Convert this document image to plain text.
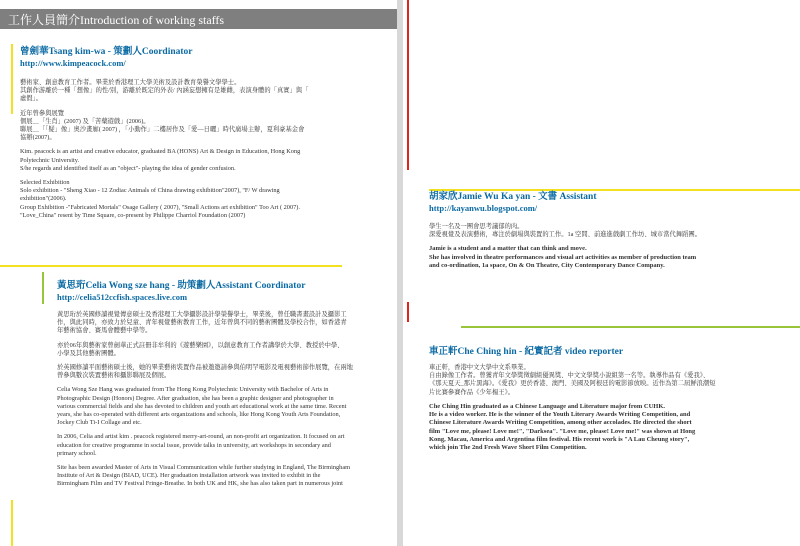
工作人員簡介Introduction of working staffs
曾劍華Tsang kim-wa - 策劃人Coordinator
http://www.kimpeacock.com/
藝術家、創意教育工作者。畢業於香港理工大學美術及設計教育榮譽文學學士。
其創作游離於一種「想像」的性/別，游離於既定的外表/ 內涵妄想擁有是雄雌，表演身體的「真實」與「
虛假」。
近年曾參與展覽
個展＿「生肖」(2007) 及「苦藥遊戲」(2006)。
聯展＿「「疑」像」奧沙畫廊( 2007) ，「小動作」二樓居作及「愛—日曬」時代廣場主辦，夏利豪基金會
協辦(2007)。
Kim. peacock is an artist and creative educator, graduated BA (HONS) Art & Design in Education, Hong Kong
Polytechnic University.
S/he regards and identified itself as an "object"- playing the idea of gender confusion.
Selected Exhibition
Solo exhibition - "Sheng Xiao - 12 Zodiac Animals of China drawing exhibition"2007), "F/ W drawing
exhibition"(2006).
Group Exhibition -"Fabricated Mortals" Osage Gallery ( 2007), "Small Actions art exhibition" Too Art ( 2007).
"Love_China" resent by Time Square, co-present by Philippe Charriol Foundation (2007)
黃思珩Celia Wong sze hang - 助策劃人Assistant Coordinator
http://celia512ccfish.spaces.live.com
黃思珩於英國修讀視覺傳意碩士及香港理工大學攝影設計學榮譽學士，畢業後，曾任職書畫設計及攝影工
作，與此同時，亦致力於兒童、青年視覺藝術教育工作，近年曾與不同的藝術團體及學校合作，如香港青
年藝術協會、賽馬會體藝中學等。
亦於06年與藝術家曾劍華正式註冊非牟利的《遊藝樂園》，以創意教育工作者講學於大學、教授於中學、
小學及其他藝術團體。
於英國修讀平面藝術碩士後，她的畢業藝術裝置作品被邀邀請參與伯明罕電影及電視藝術節作展覽，在兩地
曾參與數次裝置藝術和攝影聯展及個展。
Celia Wong Sze Hang was graduated from The Hong Kong Polytechnic University with Bachelor of Arts in
Photographic Design (Honors) Degree. After graduation, she has been a graphic designer and photographer in
various commercial fields and she has devoted to children and youth art educational work at the same time. Recent
years, she has co-operated with different arts organizations and schools, like Hong Kong Youth Arts Foundation,
Jockey Club Ti-I Collage and etc.
In 2006, Celia and artist kim . peacock registered merry-art-round, an non-profit art organization. It focused on art
education for creative programme in social issue, provide talks in university, art workshops in secondary and
primary school.
Site has been awarded Master of Arts in Visual Communication while further studying in England, The Birmingham
Institute of Art & Design (BIAD, UCE). Her graduation installation artwork was invited to exhibit in the
Birmingham Film and TV Festival Fringe-Breathe. In both UK and HK, she has also taken part in numerous joint
胡家欣Jamie Wu Ka yan - 文書 Assistant
http://kayanwu.blogspot.com/
學生一名及一團會思考議郁的肉。
深愛視覺及表演藝術，專注於劇場與裝置的工作。1a 空間、前進進戲劇工作坊、城市當代舞蹈團。
Jamie is a student and a matter that can think and move.
She has involved in theatre performances and visual art activities as member of production team
and co-ordination, 1a space, On & On Theatre, City Contemporary Dance Company.
車正軒Che Ching hin - 紀實記者 video reporter
車正軒，香港中文大學中文系畢業。
自由錄像工作者。曾獲青年文學獎徵劇組優異獎、中文文學獎小說組第一名等。執導作品有《愛我》、
《那天夏天_那片黑海》。《愛我》更於香港、澳門、美國及阿根廷的電影節放映。近作為第二屆鮮浪潮短
片比賽參賽作品《少年楊王》。
Che Ching Hin graduated as a Chinese Language and Literature major from CUHK.
He is a video worker. He is the winner of the Youth Literary Awards Writing Competition, and
Chinese Literature Awards Writing Competition, among other accolades. He directed the short
film "Love me, please! Love me!", "Darksea". "Love me, please! Love me!" was shown at Hong
Kong, Macau, America and Argentina film festival. His recent work is "A Lau Cheung story",
which join The 2nd Fresh Wave Short Film Competition.
